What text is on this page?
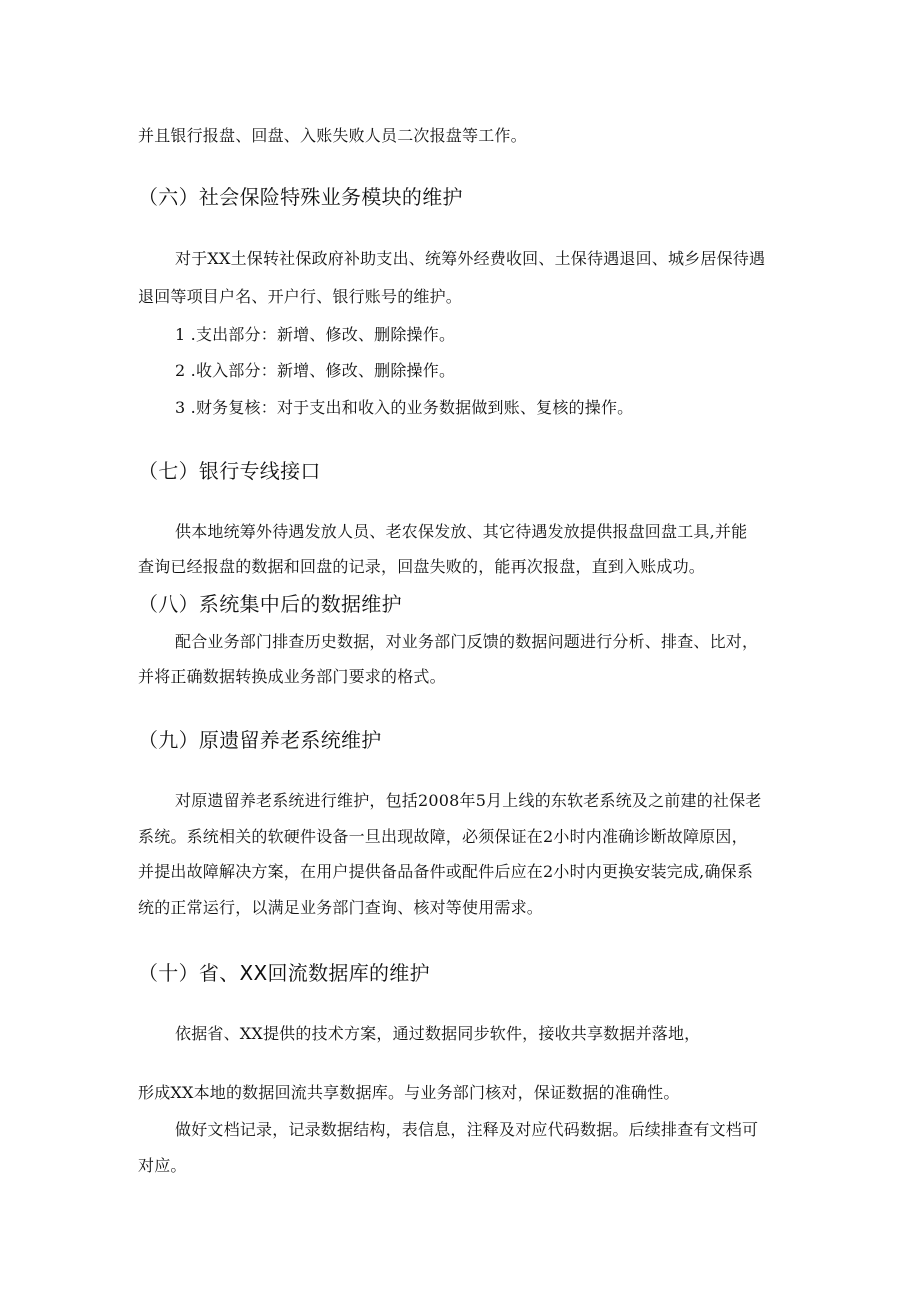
并且银行报盘、回盘、入账失败人员二次报盘等工作。
（六）社会保险特殊业务模块的维护
对于XX土保转社保政府补助支出、统筹外经费收回、土保待遇退回、城乡居保待遇
退回等项目户名、开户行、银行账号的维护。
1 .支出部分：新增、修改、删除操作。
2 .收入部分：新增、修改、删除操作。
3 .财务复核：对于支出和收入的业务数据做到账、复核的操作。
（七）银行专线接口
供本地统筹外待遇发放人员、老农保发放、其它待遇发放提供报盘回盘工具,并能
查询已经报盘的数据和回盘的记录，回盘失败的，能再次报盘，直到入账成功。
（八）系统集中后的数据维护
配合业务部门排查历史数据，对业务部门反馈的数据问题进行分析、排查、比对，
并将正确数据转换成业务部门要求的格式。
（九）原遗留养老系统维护
对原遗留养老系统进行维护，包括2008年5月上线的东软老系统及之前建的社保老
系统。系统相关的软硬件设备一旦出现故障，必须保证在2小时内准确诊断故障原因，
并提出故障解决方案，在用户提供备品备件或配件后应在2小时内更换安装完成,确保系
统的正常运行，以满足业务部门查询、核对等使用需求。
（十）省、XX回流数据库的维护
依据省、XX提供的技术方案，通过数据同步软件，接收共享数据并落地，
形成XX本地的数据回流共享数据库。与业务部门核对，保证数据的准确性。
做好文档记录，记录数据结构，表信息，注释及对应代码数据。后续排查有文档可
对应。
